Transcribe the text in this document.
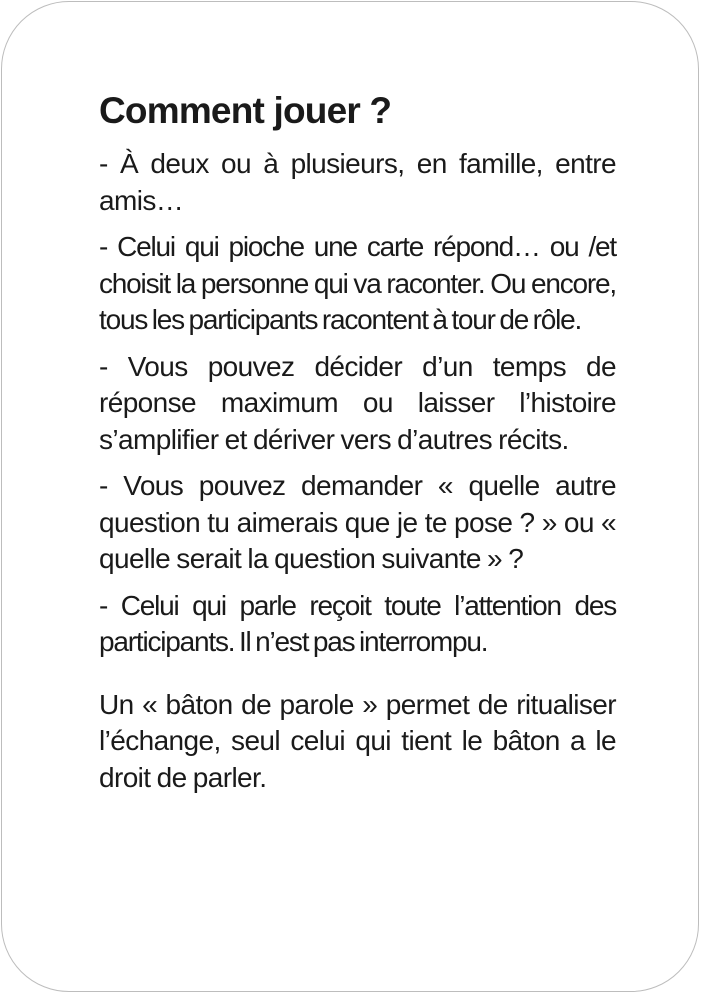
Comment jouer ?

- À deux ou à plusieurs, en famille, entre amis…

- Celui qui pioche une carte répond… ou /et choisit la personne qui va raconter. Ou encore, tous les participants racontent à tour de rôle.

- Vous pouvez décider d’un temps de réponse maximum ou laisser l’histoire s’amplifier et dériver vers d’autres récits.

- Vous pouvez demander « quelle autre question tu aimerais que je te pose ? » ou « quelle serait la question suivante » ?

- Celui qui parle reçoit toute l’attention des participants. Il n’est pas interrompu.

Un « bâton de parole » permet de ritualiser l’échange, seul celui qui tient le bâton a le droit de parler.
